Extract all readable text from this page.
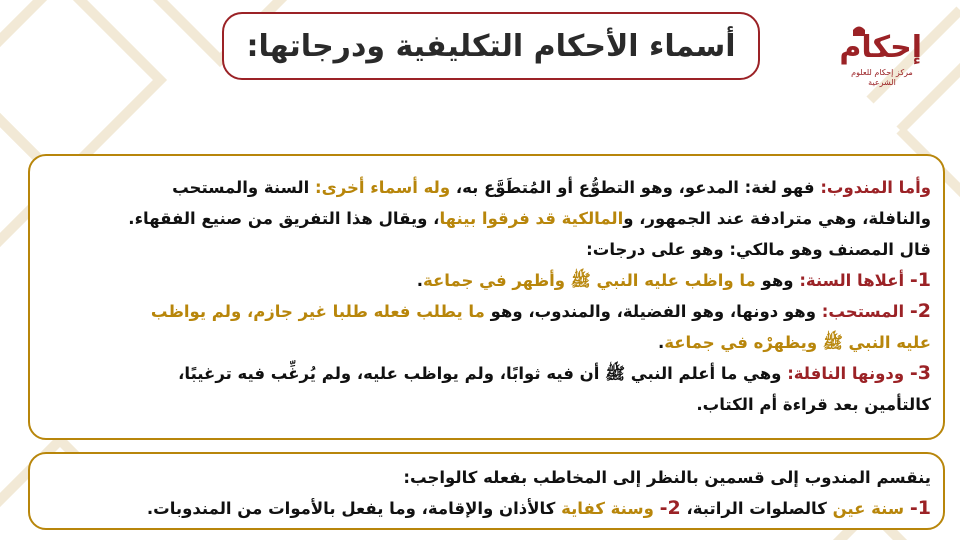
أسماء الأحكام التكليفية ودرجاتها:	إحكام
مركز إحكام للعلوم الشرعية

وأما المندوب: فهو لغة: المدعو، وهو التطوُّع أو المُتطَوَّع به، وله أسماء أخرى: السنة والمستحب

والنافلة، وهي مترادفة عند الجمهور، والمالكية قد فرقوا بينها، ويقال هذا التفريق من صنيع الفقهاء.

قال المصنف وهو مالكي: وهو على درجات:

1- أعلاها السنة: وهو ما واظب عليه النبي ﷺ وأظهر في جماعة.

2- المستحب: وهو دونها، وهو الفضيلة، والمندوب، وهو ما يطلب فعله طلبا غير جازم، ولم يواظب

عليه النبي ﷺ ويظهرْه في جماعة.

3- ودونها النافلة: وهي ما أعلم النبي ﷺ أن فيه ثوابًا، ولم يواظب عليه، ولم يُرغِّب فيه ترغيبًا،

كالتأمين بعد قراءة أم الكتاب.

ينقسم المندوب إلى قسمين بالنظر إلى المخاطب بفعله كالواجب:

1- سنة عين كالصلوات الراتبة، 2- وسنة كفاية كالأذان والإقامة، وما يفعل بالأموات من المندوبات.
